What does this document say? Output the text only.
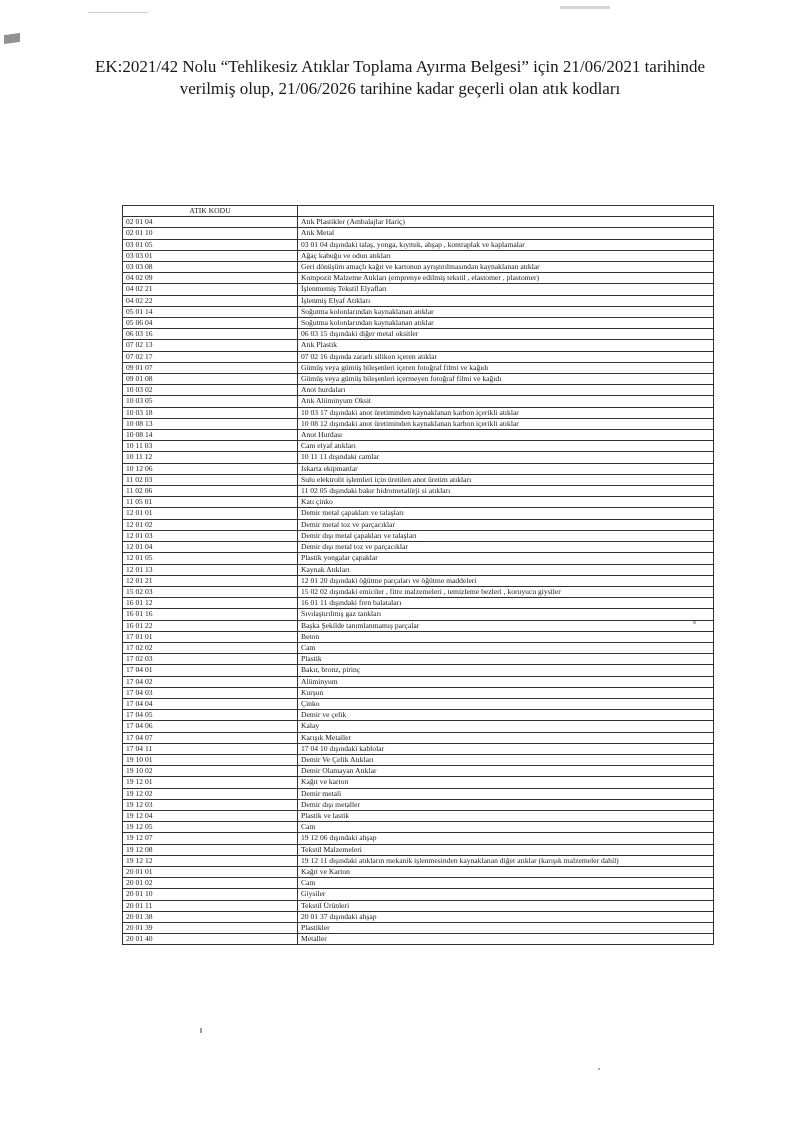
EK:2021/42 Nolu “Tehlikesiz Atıklar Toplama Ayırma Belgesi” için 21/06/2021 tarihinde
verilmiş olup, 21/06/2026 tarihine kadar geçerli olan atık kodları
ATIK KODU	
02 01 04	Atık Plastikler (Ambalajlar Hariç)
02 01 10	Atık Metal
03 01 05	03 01 04 dışındaki talaş, yonga, kıymık, ahşap , kontraplak ve kaplamalar
03 03 01	Ağaç kabuğu ve odun atıkları
03 03 08	Geri dönüşüm amaçlı kağıt ve kartonun ayrıştırılmasından kaynaklanan atıklar
04 02 09	Kompozit Malzeme Atıkları (emprenye edilmiş tekstil , elastomer , plastomer)
04 02 21	İşlenmemiş Tekstil Elyafları
04 02 22	İşlenmiş Elyaf Atıkları
05 01 14	Soğutma kolonlarından kaynaklanan atıklar
05 06 04	Soğutma kolonlarından kaynaklanan atıklar
06 03 16	06 03 15 dışındaki diğer metal oksitler
07 02 13	Atık Plastik
07 02 17	07 02 16 dışında zararlı silikon içeren atıklar
09 01 07	Gümüş veya gümüş bileşenleri içeren fotoğraf filmi ve kağıdı
09 01 08	Gümüş veya gümüş bileşenleri içermeyen fotoğraf filmi ve kağıdı
10 03 02	Anot hurdaları
10 03 05	Atık Alüminyum Oksit
10 03 18	10 03 17 dışındaki anot üretiminden kaynaklanan karbon içerikli atıklar
10 08 13	10 08 12 dışındaki anot üretiminden kaynaklanan karbon içerikli atıklar
10 08 14	Anot Hurdası
10 11 03	Cam elyaf atıkları
10 11 12	10 11 11 dışındaki camlar
10 12 06	Iskarta ekipmanlar
11 02 03	Sulu elektrolit işlemleri için üretilen anot üretim atıkları
11 02 06	11 02 05 dışındaki bakır hidrometalürji si atıkları
11 05 01	Katı çinko
12 01 01	Demir metal çapakları ve talaşları
12 01 02	Demir metal toz ve parçacıklar
12 01 03	Demir dışı metal çapakları ve talaşları
12 01 04	Demir dışı metal toz ve parçacıklar
12 01 05	Plastik yongalar çapaklar
12 01 13	Kaynak Atıkları
12 01 21	12 01 20 dışındaki öğütme parçaları ve öğütme maddeleri
15 02 03	15 02 02 dışındaki emiciler , fitre malzemeleri , temizleme bezleri , koruyucu giysiler
16 01 12	16 01 11 dışındaki fren balataları
16 01 16	Sıvılaştırılmış gaz tankları
16 01 22	Başka Şekilde tanımlanmamış parçalar
17 01 01	Beton
17 02 02	Cam
17 02 03	Plastik
17 04 01	Bakır, bronz, pirinç
17 04 02	Alüminyum
17 04 03	Kurşun
17 04 04	Çinko
17 04 05	Demir ve çelik
17 04 06	Kalay
17 04 07	Karışık Metaller
17 04 11	17 04 10 dışındaki kablolar
19 10 01	Demir Ve Çelik Atıkları
19 10 02	Demir Olamayan Atıklar
19 12 01	Kağıt ve karton
19 12 02	Demir metali
19 12 03	Demir dışı metaller
19 12 04	Plastik ve lastik
19 12 05	Cam
19 12 07	19 12 06 dışındaki ahşap
19 12 08	Tekstil Malzemeleri
19 12 12	19 12 11 dışındaki atıkların mekanik işlenmesinden kaynaklanan diğer atıklar (karışık malzemeler dahil)
20 01 01	Kağıt ve Karton
20 01 02	Cam
20 01 10	Giysiler
20 01 11	Tekstil Ürünleri
20 01 38	20 01 37 dışındaki ahşap
20 01 39	Plastikler
20 01 40	Metaller
